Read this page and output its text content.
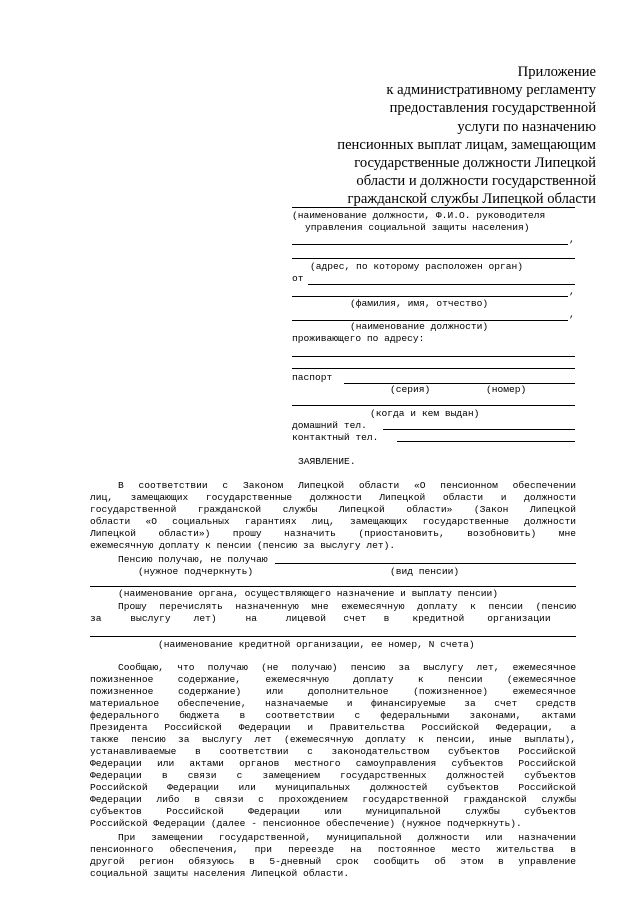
Приложение
к административному регламенту
предоставления государственной
услуги по назначению
пенсионных выплат лицам, замещающим
государственные должности Липецкой
области и должности государственной
гражданской службы Липецкой области
(наименование должности, Ф.И.О. руководителя
управления социальной защиты населения)
,
(адрес, по которому расположен орган)
от
,
(фамилия, имя, отчество)
,
(наименование должности)
проживающего по адресу:
паспорт
(серия)	(номер)
(когда и кем выдан)
домашний тел.
контактный тел.
ЗАЯВЛЕНИЕ.
В соответствии с Законом Липецкой области «О пенсионном обеспечении
лиц, замещающих государственные должности Липецкой области и должности
государственной гражданской службы Липецкой области» (Закон Липецкой
области «О социальных гарантиях лиц, замещающих государственные должности
Липецкой области») прошу назначить (приостановить, возобновить) мне
ежемесячную доплату к пенсии (пенсию за выслугу лет).
Пенсию получаю, не получаю
(нужное подчеркнуть)	(вид пенсии)
(наименование органа, осуществляющего назначение и выплату пенсии)
Прошу перечислять назначенную мне ежемесячную доплату к пенсии (пенсию
за     выслугу    лет)     на     лицевой   счет   в    кредитной    организации
(наименование кредитной организации, ее номер, N счета)
Сообщаю, что получаю (не получаю) пенсию за выслугу лет, ежемесячное
пожизненное содержание, ежемесячную доплату к пенсии (ежемесячное
пожизненное содержание) или дополнительное (пожизненное) ежемесячное
материальное обеспечение, назначаемые и финансируемые за счет средств
федерального бюджета в соответствии с федеральными законами, актами
Президента Российской Федерации и Правительства Российской Федерации, а
также пенсию за выслугу лет (ежемесячную доплату к пенсии, иные выплаты),
устанавливаемые в соответствии с законодательством субъектов Российской
Федерации или актами органов местного самоуправления субъектов Российской
Федерации в связи с замещением государственных должностей субъектов
Российской Федерации или муниципальных должностей субъектов Российской
Федерации либо в связи с прохождением государственной гражданской службы
субъектов Российской Федерации или муниципальной службы субъектов
Российской Федерации (далее - пенсионное обеспечение) (нужное подчеркнуть).
При замещении государственной, муниципальной должности или назначении
пенсионного обеспечения, при переезде на постоянное место жительства в
другой регион обязуюсь в 5-дневный срок сообщить об этом в управление
социальной защиты населения Липецкой области.
